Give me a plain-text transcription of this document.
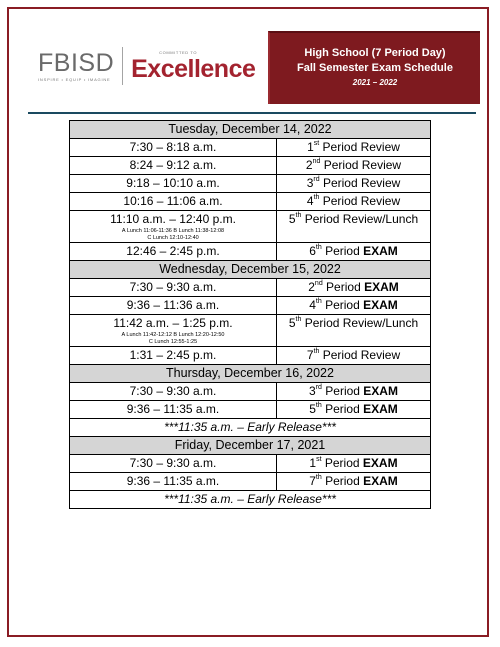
FBISD
INSPIRE • EQUIP • IMAGINE
COMMITTED TO
Excellence
High School (7 Period Day)
Fall Semester Exam Schedule
2021 – 2022
Tuesday, December 14, 2022	
7:30 – 8:18 a.m.	1st Period Review
8:24 – 9:12 a.m.	2nd Period Review
9:18 – 10:10 a.m.	3rd Period Review
10:16 – 11:06 a.m.	4th Period Review
11:10 a.m. – 12:40 p.m.
A Lunch 11:06-11:36 B Lunch 11:38-12:08
C Lunch 12:10-12:40	5th Period Review/Lunch
12:46 – 2:45 p.m.	6th Period EXAM
Wednesday, December 15, 2022	
7:30 – 9:30 a.m.	2nd Period EXAM
9:36 – 11:36 a.m.	4th Period EXAM
11:42 a.m. – 1:25 p.m.
A Lunch 11:42-12:12 B Lunch 12:20-12:50
C Lunch 12:55-1:25	5th Period Review/Lunch
1:31 – 2:45 p.m.	7th Period Review
Thursday, December 16, 2022	
7:30 – 9:30 a.m.	3rd Period EXAM
9:36 – 11:35 a.m.	5th Period EXAM
***11:35 a.m. – Early Release***	
Friday, December 17, 2021	
7:30 – 9:30 a.m.	1st Period EXAM
9:36 – 11:35 a.m.	7th Period EXAM
***11:35 a.m. – Early Release***	
